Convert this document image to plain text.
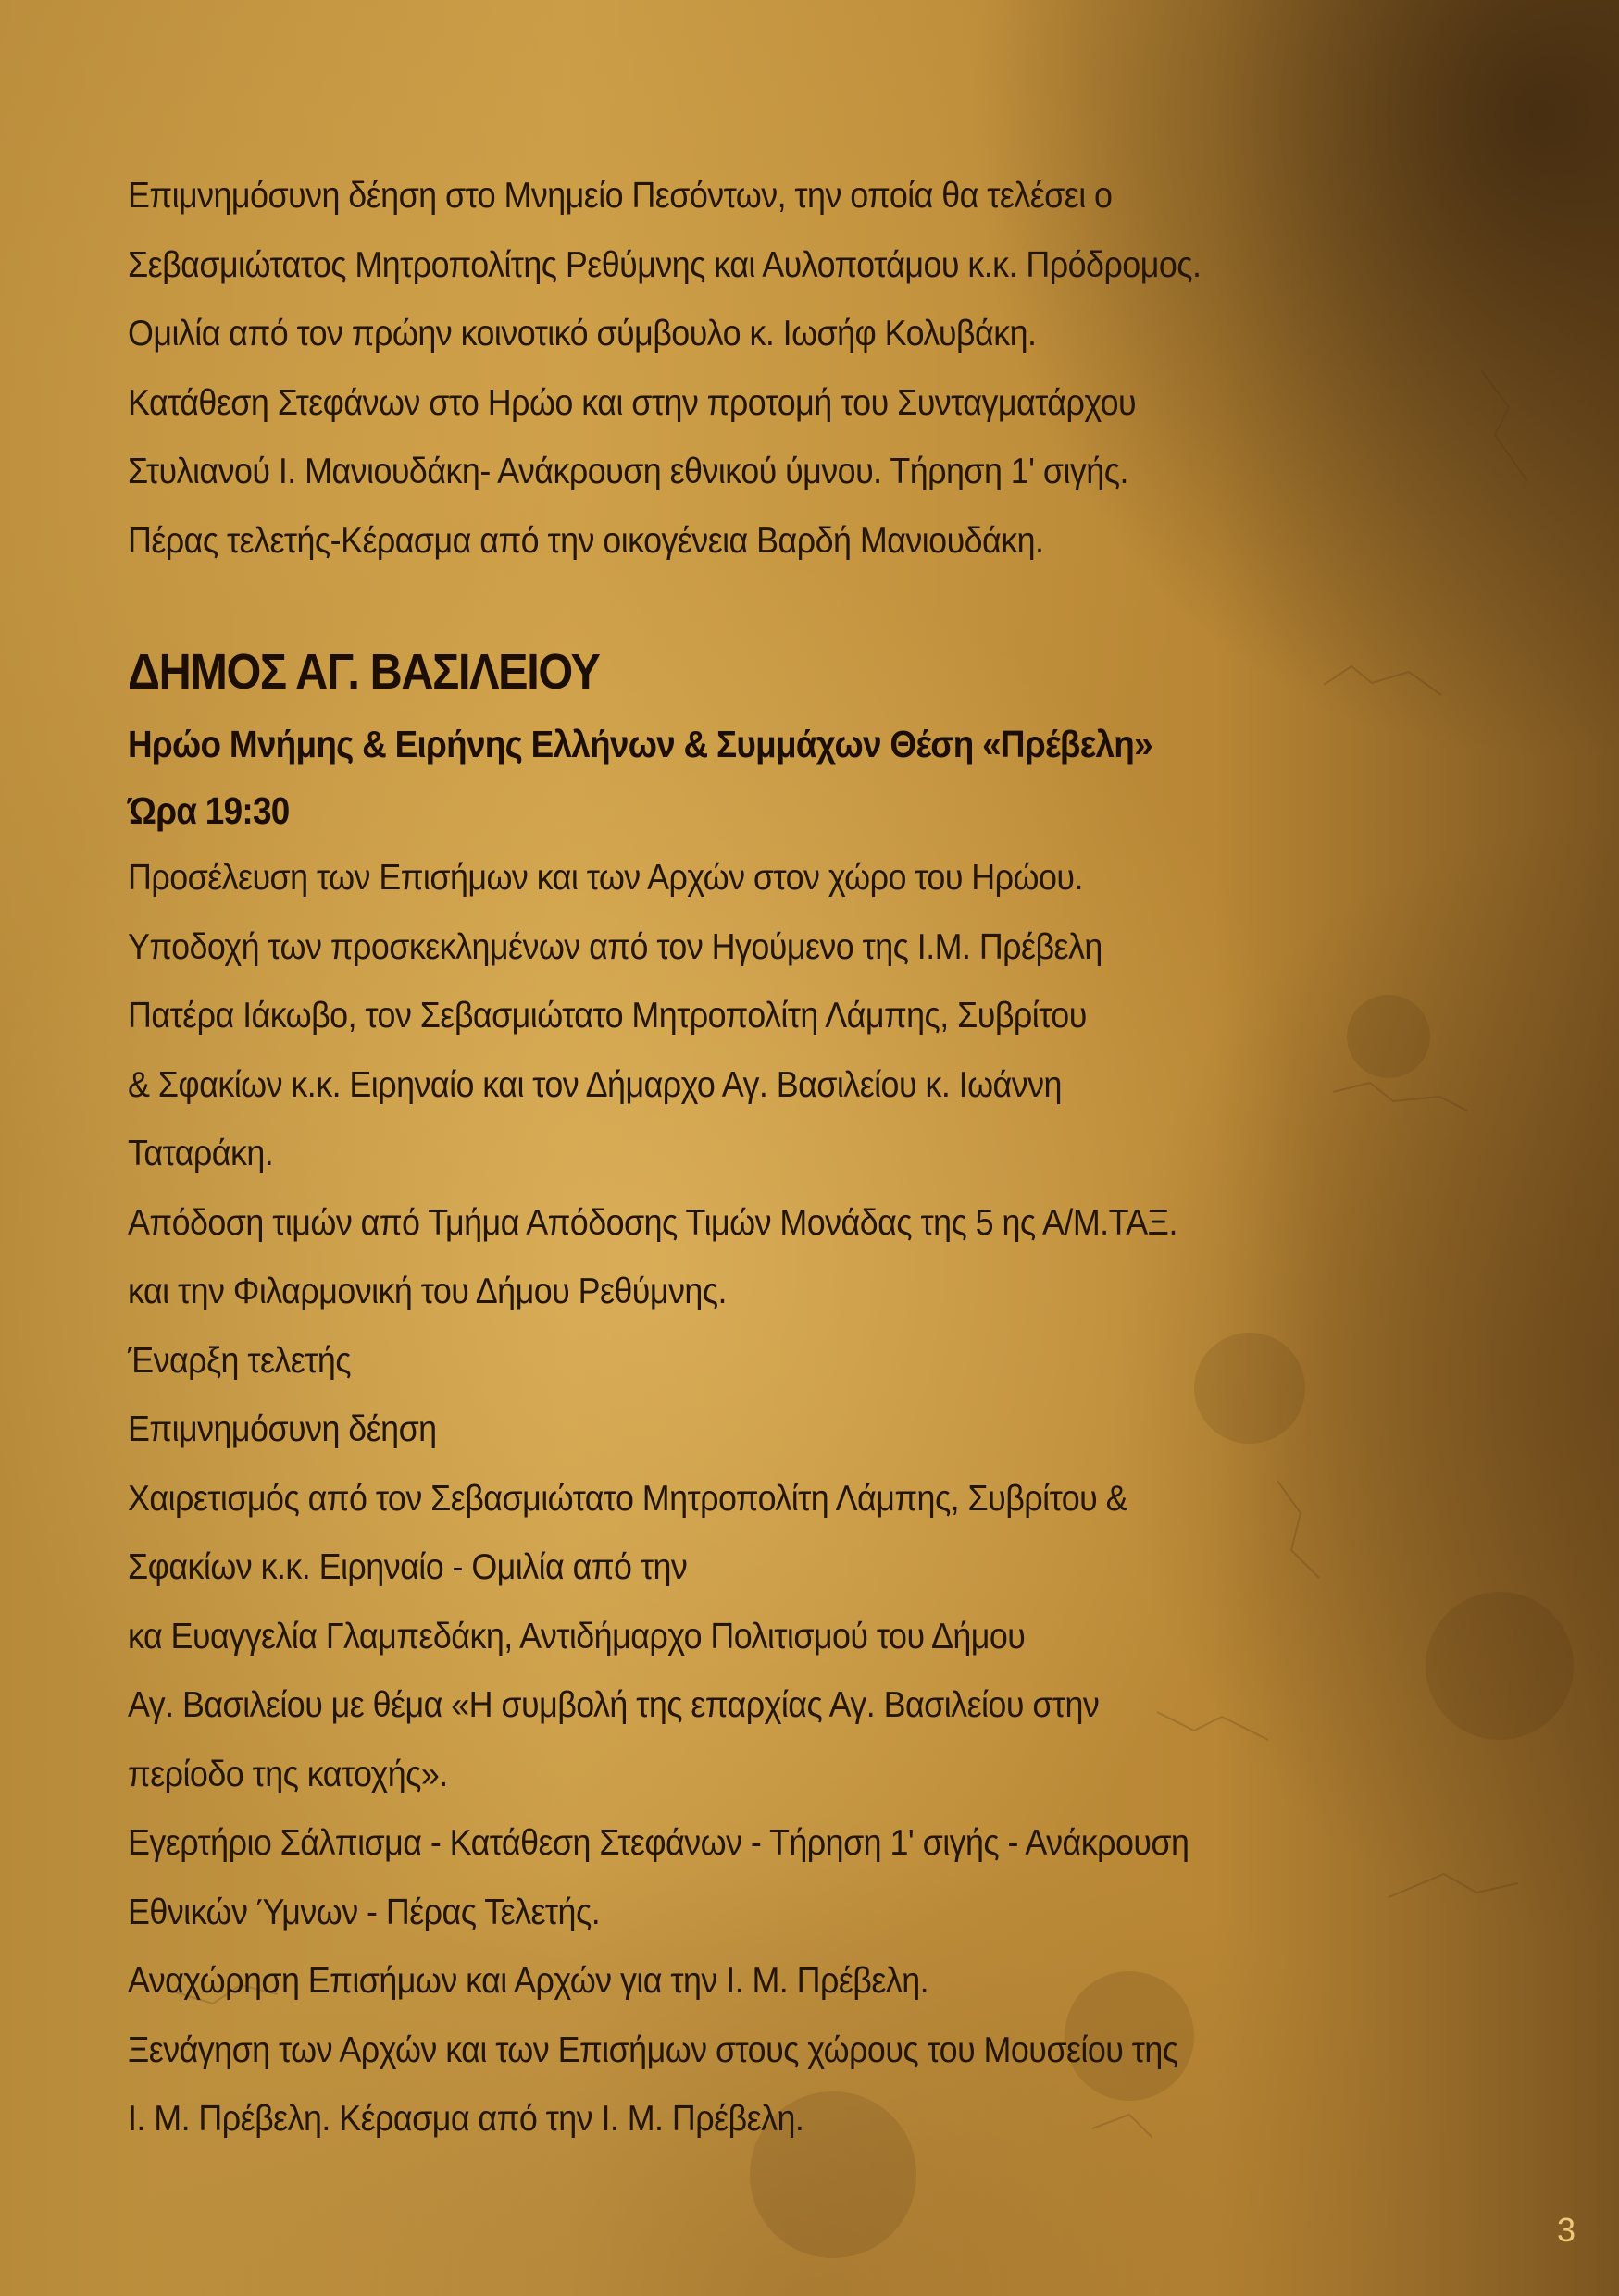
Επιμνημόσυνη δέηση στο Μνημείο Πεσόντων, την οποία θα τελέσει ο
Σεβασμιώτατος Μητροπολίτης Ρεθύμνης και Αυλοποτάμου κ.κ. Πρόδρομος.
Ομιλία από τον πρώην κοινοτικό σύμβουλο κ. Ιωσήφ Κολυβάκη.
Κατάθεση Στεφάνων στο Ηρώο και στην προτομή του Συνταγματάρχου
Στυλιανού Ι. Μανιουδάκη- Ανάκρουση εθνικού ύμνου. Τήρηση 1' σιγής.
Πέρας τελετής-Κέρασμα από την οικογένεια Βαρδή Μανιουδάκη.
ΔΗΜΟΣ ΑΓ. ΒΑΣΙΛΕΙΟΥ
Ηρώο Μνήμης & Ειρήνης Ελλήνων & Συμμάχων Θέση «Πρέβελη»
Ώρα 19:30
Προσέλευση των Επισήμων και των Αρχών στον χώρο του Ηρώου.
Υποδοχή των προσκεκλημένων από τον Ηγούμενο της Ι.Μ. Πρέβελη
Πατέρα Ιάκωβο, τον Σεβασμιώτατο Μητροπολίτη Λάμπης, Συβρίτου
& Σφακίων κ.κ. Ειρηναίο και τον Δήμαρχο Αγ. Βασιλείου κ. Ιωάννη
Ταταράκη.
Απόδοση τιμών από Τμήμα Απόδοσης Τιμών Μονάδας της 5 ης Α/Μ.ΤΑΞ.
και την Φιλαρμονική του Δήμου Ρεθύμνης.
Έναρξη τελετής
Επιμνημόσυνη δέηση
Χαιρετισμός από τον Σεβασμιώτατο Μητροπολίτη Λάμπης, Συβρίτου &
Σφακίων κ.κ. Ειρηναίο - Ομιλία από την
κα Ευαγγελία Γλαμπεδάκη, Αντιδήμαρχο Πολιτισμού του Δήμου
Αγ. Βασιλείου με θέμα «Η συμβολή της επαρχίας Αγ. Βασιλείου στην
περίοδο της κατοχής».
Εγερτήριο Σάλπισμα - Κατάθεση Στεφάνων - Τήρηση 1' σιγής - Ανάκρουση
Εθνικών Ύμνων - Πέρας Τελετής.
Αναχώρηση Επισήμων και Αρχών για την Ι. Μ. Πρέβελη.
Ξενάγηση των Αρχών και των Επισήμων στους χώρους του Μουσείου της
Ι. Μ. Πρέβελη. Κέρασμα από την Ι. Μ. Πρέβελη.
3
